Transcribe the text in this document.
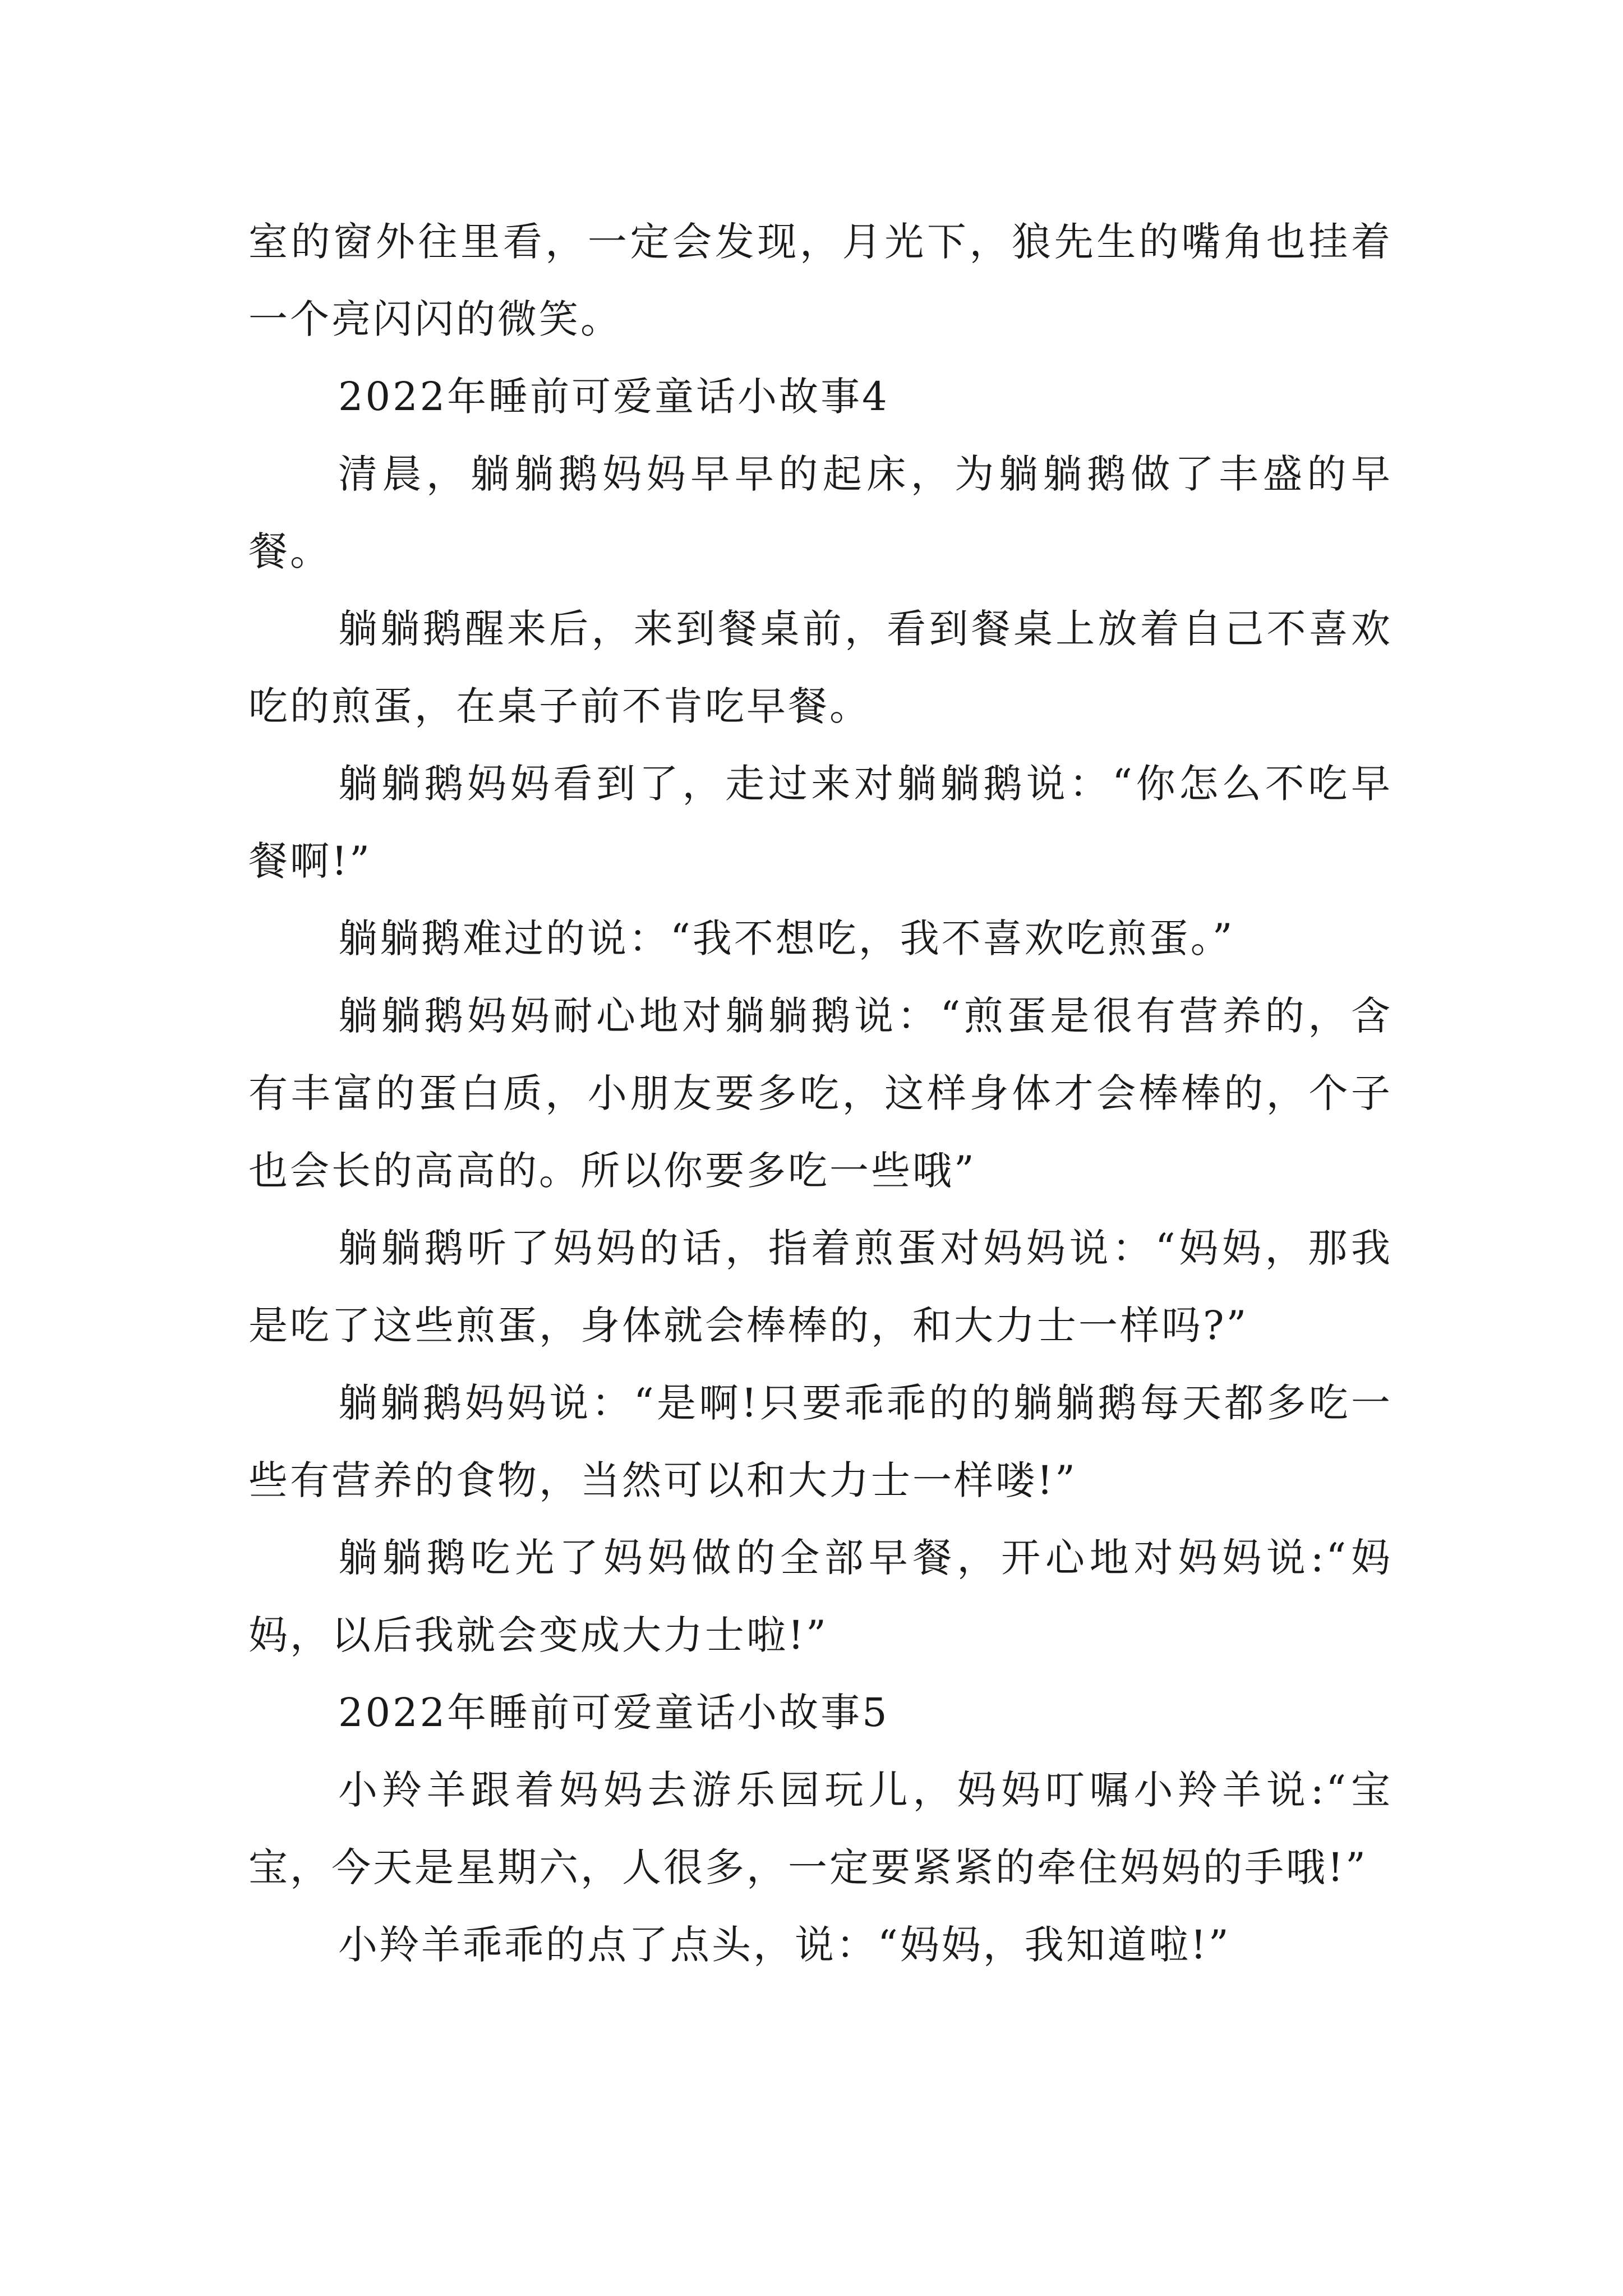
室的窗外往里看，一定会发现，月光下，狼先生的嘴角也挂着一个亮闪闪的微笑。

2022年睡前可爱童话小故事4

清晨，躺躺鹅妈妈早早的起床，为躺躺鹅做了丰盛的早餐。

躺躺鹅醒来后，来到餐桌前，看到餐桌上放着自己不喜欢吃的煎蛋，在桌子前不肯吃早餐。

躺躺鹅妈妈看到了，走过来对躺躺鹅说：“你怎么不吃早餐啊!”

躺躺鹅难过的说：“我不想吃，我不喜欢吃煎蛋。”

躺躺鹅妈妈耐心地对躺躺鹅说：“煎蛋是很有营养的，含有丰富的蛋白质，小朋友要多吃，这样身体才会棒棒的，个子也会长的高高的。所以你要多吃一些哦”

躺躺鹅听了妈妈的话，指着煎蛋对妈妈说：“妈妈，那我是吃了这些煎蛋，身体就会棒棒的，和大力士一样吗?”

躺躺鹅妈妈说：“是啊!只要乖乖的的躺躺鹅每天都多吃一些有营养的食物，当然可以和大力士一样喽!”

躺躺鹅吃光了妈妈做的全部早餐，开心地对妈妈说:“妈妈，以后我就会变成大力士啦!”

2022年睡前可爱童话小故事5

小羚羊跟着妈妈去游乐园玩儿，妈妈叮嘱小羚羊说:“宝宝，今天是星期六，人很多，一定要紧紧的牵住妈妈的手哦!”

小羚羊乖乖的点了点头，说：“妈妈，我知道啦!”
